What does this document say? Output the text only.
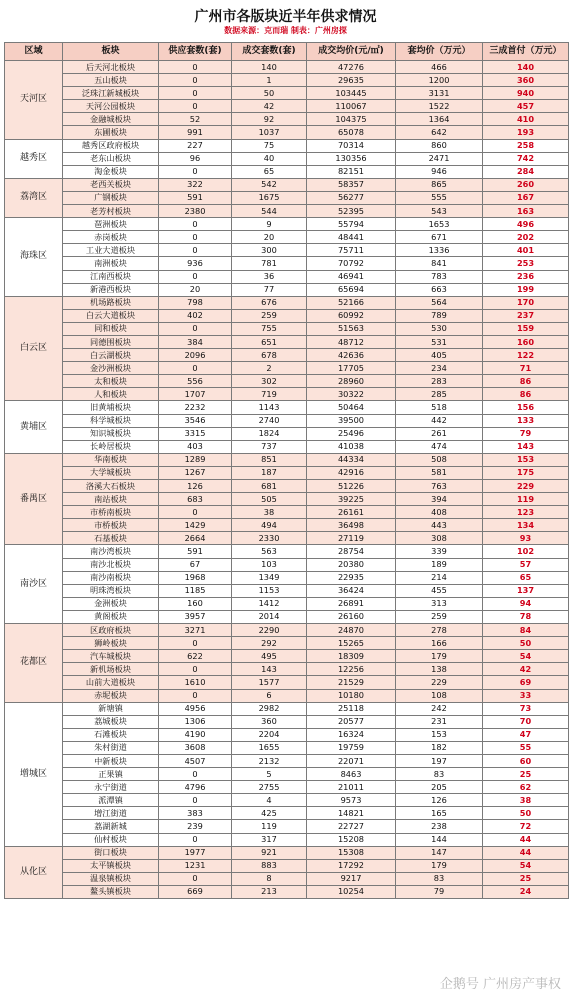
广州市各版块近半年供求情况
数据来源：克而瑞 制表：广州房探
区域	板块	供应套数(套)	成交套数(套)	成交均价(元/㎡)	套均价（万元）	三成首付（万元）
天河区	后天河北板块	0	140	47276	466	140
	五山板块	0	1	29635	1200	360
	泛珠江新城板块	0	50	103445	3131	940
	天河公园板块	0	42	110067	1522	457
	金融城板块	52	92	104375	1364	410
	东圃板块	991	1037	65078	642	193
越秀区	越秀区政府板块	227	75	70314	860	258
	老东山板块	96	40	130356	2471	742
	淘金板块	0	65	82151	946	284
荔湾区	老西关板块	322	542	58357	865	260
	广钢板块	591	1675	56277	555	167
	老芳村板块	2380	544	52395	543	163
海珠区	琶洲板块	0	9	55794	1653	496
	赤岗板块	0	20	48441	671	202
	工业大道板块	0	300	75711	1336	401
	南洲板块	936	781	70792	841	253
	江南西板块	0	36	46941	783	236
	新港西板块	20	77	65694	663	199
白云区	机场路板块	798	676	52166	564	170
	白云大道板块	402	259	60992	789	237
	同和板块	0	755	51563	530	159
	同德围板块	384	651	48712	531	160
	白云湖板块	2096	678	42636	405	122
	金沙洲板块	0	2	17705	234	71
	太和板块	556	302	28960	283	86
	人和板块	1707	719	30322	285	86
黄埔区	旧黄埔板块	2232	1143	50464	518	156
	科学城板块	3546	2740	39500	442	133
	知识城板块	3315	1824	25496	261	79
	长岭居板块	403	737	41038	474	143
番禺区	华南板块	1289	851	44334	508	153
	大学城板块	1267	187	42916	581	175
	洛溪大石板块	126	681	51226	763	229
	南站板块	683	505	39225	394	119
	市桥南板块	0	38	26161	408	123
	市桥板块	1429	494	36498	443	134
	石基板块	2664	2330	27119	308	93
南沙区	南沙湾板块	591	563	28754	339	102
	南沙北板块	67	103	20380	189	57
	南沙南板块	1968	1349	22935	214	65
	明珠湾板块	1185	1153	36424	455	137
	金洲板块	160	1412	26891	313	94
	黄阁板块	3957	2014	26160	259	78
花都区	区政府板块	3271	2290	24870	278	84
	狮岭板块	0	292	15265	166	50
	汽车城板块	622	495	18309	179	54
	新机场板块	0	143	12256	138	42
	山前大道板块	1610	1577	21529	229	69
	赤坭板块	0	6	10180	108	33
增城区	新塘镇	4956	2982	25118	242	73
	荔城板块	1306	360	20577	231	70
	石滩板块	4190	2204	16324	153	47
	朱村街道	3608	1655	19759	182	55
	中新板块	4507	2132	22071	197	60
	正果镇	0	5	8463	83	25
	永宁街道	4796	2755	21011	205	62
	派潭镇	0	4	9573	126	38
	增江街道	383	425	14821	165	50
	荔湖新城	239	119	22727	238	72
	仙村板块	0	317	15208	144	44
从化区	街口板块	1977	921	15308	147	44
	太平镇板块	1231	883	17292	179	54
	温泉镇板块	0	8	9217	83	25
	鳌头镇板块	669	213	10254	79	24
企鹅号 广州房产事权
